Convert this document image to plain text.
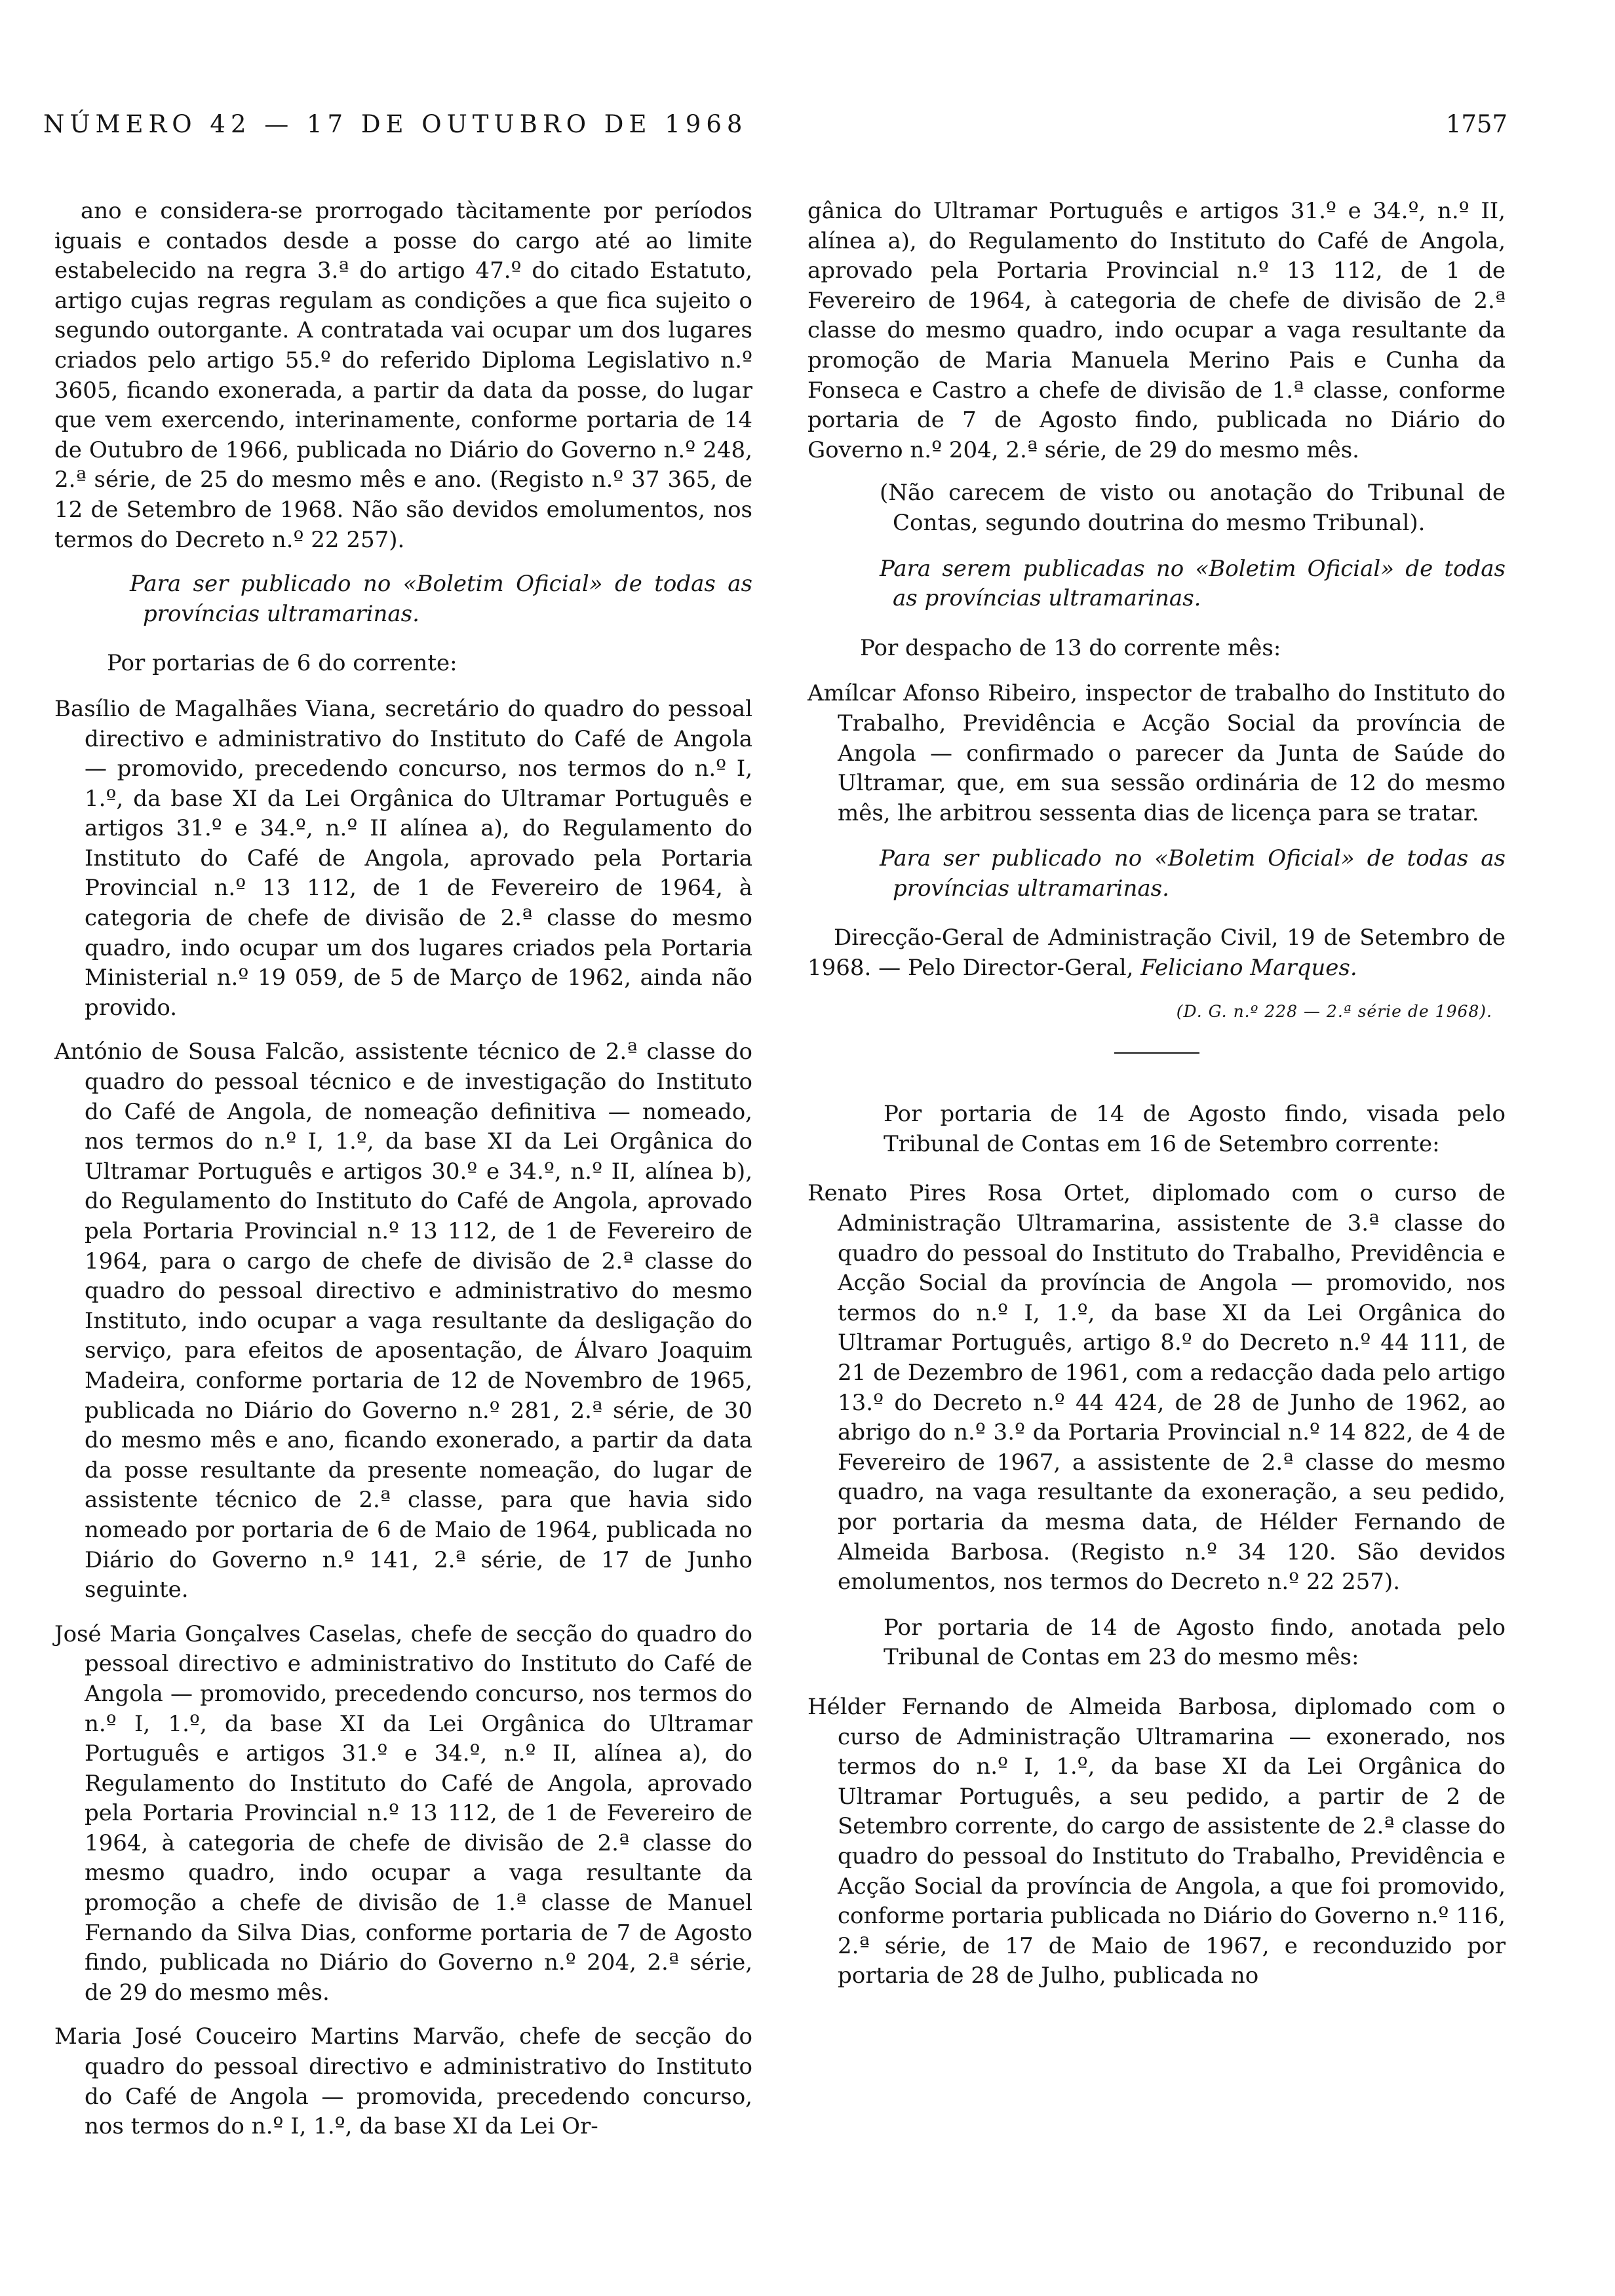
NÚMERO 42 — 17 DE OUTUBRO DE 1968	1757

ano e considera-se prorrogado tàcitamente por períodos iguais e contados desde a posse do cargo até ao limite estabelecido na regra 3.ª do artigo 47.º do citado Estatuto, artigo cujas regras regulam as condições a que fica sujeito o segundo outorgante. A contratada vai ocupar um dos lugares criados pelo artigo 55.º do referido Diploma Legislativo n.º 3605, ficando exonerada, a partir da data da posse, do lugar que vem exercendo, interinamente, conforme portaria de 14 de Outubro de 1966, publicada no Diário do Governo n.º 248, 2.ª série, de 25 do mesmo mês e ano. (Registo n.º 37 365, de 12 de Setembro de 1968. Não são devidos emolumentos, nos termos do Decreto n.º 22 257).

Para ser publicado no «Boletim Oficial» de todas as províncias ultramarinas.

Por portarias de 6 do corrente:

Basílio de Magalhães Viana, secretário do quadro do pessoal directivo e administrativo do Instituto do Café de Angola — promovido, precedendo concurso, nos termos do n.º I, 1.º, da base XI da Lei Orgânica do Ultramar Português e artigos 31.º e 34.º, n.º II alínea a), do Regulamento do Instituto do Café de Angola, aprovado pela Portaria Provincial n.º 13 112, de 1 de Fevereiro de 1964, à categoria de chefe de divisão de 2.ª classe do mesmo quadro, indo ocupar um dos lugares criados pela Portaria Ministerial n.º 19 059, de 5 de Março de 1962, ainda não provido.

António de Sousa Falcão, assistente técnico de 2.ª classe do quadro do pessoal técnico e de investigação do Instituto do Café de Angola, de nomeação definitiva — nomeado, nos termos do n.º I, 1.º, da base XI da Lei Orgânica do Ultramar Português e artigos 30.º e 34.º, n.º II, alínea b), do Regulamento do Instituto do Café de Angola, aprovado pela Portaria Provincial n.º 13 112, de 1 de Fevereiro de 1964, para o cargo de chefe de divisão de 2.ª classe do quadro do pessoal directivo e administrativo do mesmo Instituto, indo ocupar a vaga resultante da desligação do serviço, para efeitos de aposentação, de Álvaro Joaquim Madeira, conforme portaria de 12 de Novembro de 1965, publicada no Diário do Governo n.º 281, 2.ª série, de 30 do mesmo mês e ano, ficando exonerado, a partir da data da posse resultante da presente nomeação, do lugar de assistente técnico de 2.ª classe, para que havia sido nomeado por portaria de 6 de Maio de 1964, publicada no Diário do Governo n.º 141, 2.ª série, de 17 de Junho seguinte.

José Maria Gonçalves Caselas, chefe de secção do quadro do pessoal directivo e administrativo do Instituto do Café de Angola — promovido, precedendo concurso, nos termos do n.º I, 1.º, da base XI da Lei Orgânica do Ultramar Português e artigos 31.º e 34.º, n.º II, alínea a), do Regulamento do Instituto do Café de Angola, aprovado pela Portaria Provincial n.º 13 112, de 1 de Fevereiro de 1964, à categoria de chefe de divisão de 2.ª classe do mesmo quadro, indo ocupar a vaga resultante da promoção a chefe de divisão de 1.ª classe de Manuel Fernando da Silva Dias, conforme portaria de 7 de Agosto findo, publicada no Diário do Governo n.º 204, 2.ª série, de 29 do mesmo mês.

Maria José Couceiro Martins Marvão, chefe de secção do quadro do pessoal directivo e administrativo do Instituto do Café de Angola — promovida, precedendo concurso, nos termos do n.º I, 1.º, da base XI da Lei Or-

gânica do Ultramar Português e artigos 31.º e 34.º, n.º II, alínea a), do Regulamento do Instituto do Café de Angola, aprovado pela Portaria Provincial n.º 13 112, de 1 de Fevereiro de 1964, à categoria de chefe de divisão de 2.ª classe do mesmo quadro, indo ocupar a vaga resultante da promoção de Maria Manuela Merino Pais e Cunha da Fonseca e Castro a chefe de divisão de 1.ª classe, conforme portaria de 7 de Agosto findo, publicada no Diário do Governo n.º 204, 2.ª série, de 29 do mesmo mês.

(Não carecem de visto ou anotação do Tribunal de Contas, segundo doutrina do mesmo Tribunal).

Para serem publicadas no «Boletim Oficial» de todas as províncias ultramarinas.

Por despacho de 13 do corrente mês:

Amílcar Afonso Ribeiro, inspector de trabalho do Instituto do Trabalho, Previdência e Acção Social da província de Angola — confirmado o parecer da Junta de Saúde do Ultramar, que, em sua sessão ordinária de 12 do mesmo mês, lhe arbitrou sessenta dias de licença para se tratar.

Para ser publicado no «Boletim Oficial» de todas as províncias ultramarinas.

Direcção-Geral de Administração Civil, 19 de Setembro de 1968. — Pelo Director-Geral, Feliciano Marques.

(D. G. n.º 228 — 2.ª série de 1968).

Por portaria de 14 de Agosto findo, visada pelo Tribunal de Contas em 16 de Setembro corrente:

Renato Pires Rosa Ortet, diplomado com o curso de Administração Ultramarina, assistente de 3.ª classe do quadro do pessoal do Instituto do Trabalho, Previdência e Acção Social da província de Angola — promovido, nos termos do n.º I, 1.º, da base XI da Lei Orgânica do Ultramar Português, artigo 8.º do Decreto n.º 44 111, de 21 de Dezembro de 1961, com a redacção dada pelo artigo 13.º do Decreto n.º 44 424, de 28 de Junho de 1962, ao abrigo do n.º 3.º da Portaria Provincial n.º 14 822, de 4 de Fevereiro de 1967, a assistente de 2.ª classe do mesmo quadro, na vaga resultante da exoneração, a seu pedido, por portaria da mesma data, de Hélder Fernando de Almeida Barbosa. (Registo n.º 34 120. São devidos emolumentos, nos termos do Decreto n.º 22 257).

Por portaria de 14 de Agosto findo, anotada pelo Tribunal de Contas em 23 do mesmo mês:

Hélder Fernando de Almeida Barbosa, diplomado com o curso de Administração Ultramarina — exonerado, nos termos do n.º I, 1.º, da base XI da Lei Orgânica do Ultramar Português, a seu pedido, a partir de 2 de Setembro corrente, do cargo de assistente de 2.ª classe do quadro do pessoal do Instituto do Trabalho, Previdência e Acção Social da província de Angola, a que foi promovido, conforme portaria publicada no Diário do Governo n.º 116, 2.ª série, de 17 de Maio de 1967, e reconduzido por portaria de 28 de Julho, publicada no
